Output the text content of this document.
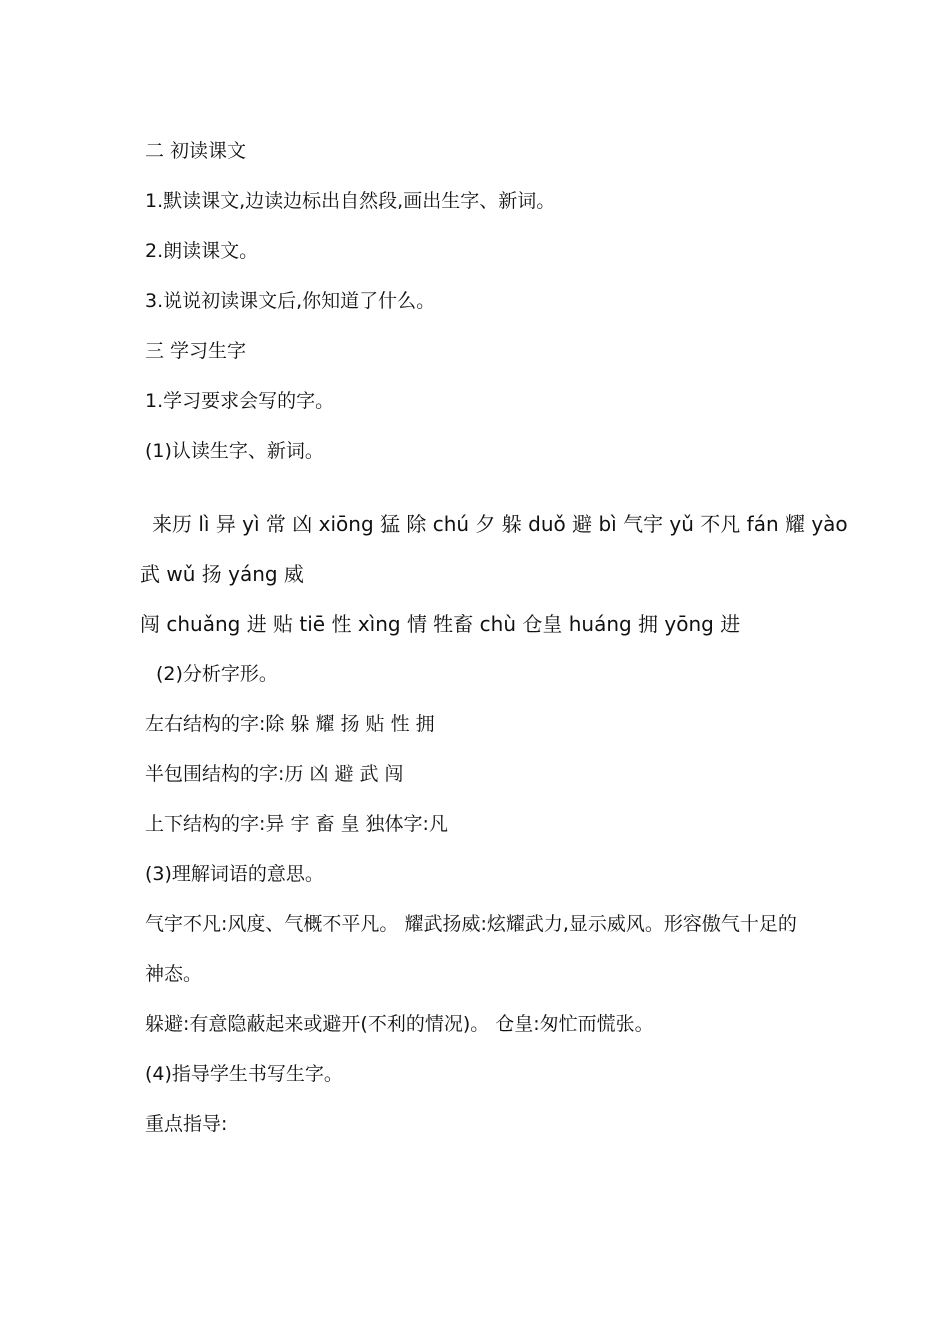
二 初读课文
1.默读课文,边读边标出自然段,画出生字、新词。
2.朗读课文。
3.说说初读课文后,你知道了什么。
三 学习生字
1.学习要求会写的字。
(1)认读生字、新词。
来历 lì 异 yì 常 凶 xiōng 猛 除 chú 夕 躲 duǒ 避 bì 气宇 yǔ 不凡 fán 耀 yào
武 wǔ 扬 yáng 威
闯 chuǎng 进 贴 tiē 性 xìng 情 牲畜 chù 仓皇 huáng 拥 yōng 进
(2)分析字形。
左右结构的字:除 躲 耀 扬 贴 性 拥
半包围结构的字:历 凶 避 武 闯
上下结构的字:异 宇 畜 皇 独体字:凡
(3)理解词语的意思。
气宇不凡:风度、气概不平凡。 耀武扬威:炫耀武力,显示威风。形容傲气十足的
神态。
躲避:有意隐蔽起来或避开(不利的情况)。 仓皇:匆忙而慌张。
(4)指导学生书写生字。
重点指导:
